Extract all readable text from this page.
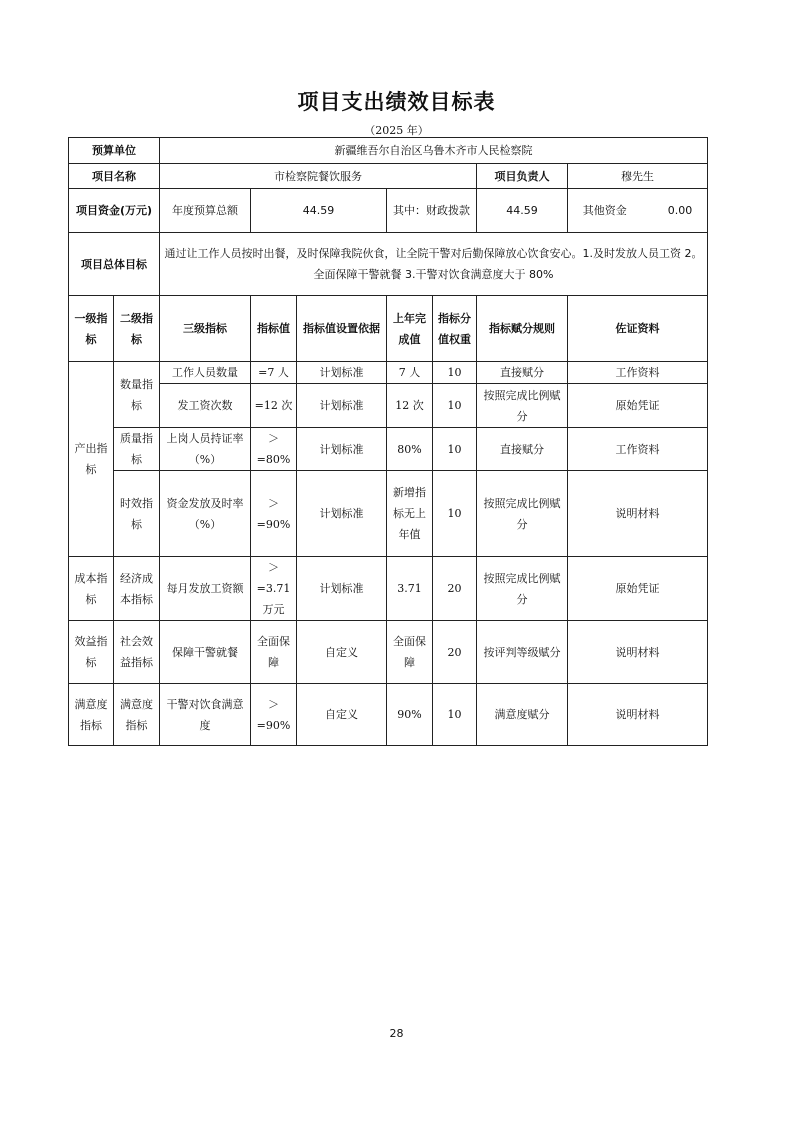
项目支出绩效目标表
（2025 年）
预算单位		新疆维吾尔自治区乌鲁木齐市人民检察院						
项目名称		市检察院餐饮服务					项目负责人	穆先生
项目资金(万元)		年度预算总额	44.59		其中：财政拨款		44.59	其他资金 0.00
项目总体目标		通过让工作人员按时出餐，及时保障我院伙食，让全院干警对后勤保障放心饮食安心。1.及时发放人员工资 2。全面保障干警就餐 3.干警对饮食满意度大于 80%						
一级指标	二级指标	三级指标	指标值	指标值设置依据	上年完成值	指标分值权重	指标赋分规则	佐证资料
产出指标	数量指标	工作人员数量	=7 人	计划标准	7 人	10	直接赋分	工作资料
		发工资次数	=12 次	计划标准	12 次	10	按照完成比例赋分	原始凭证
	质量指标	上岗人员持证率（%）	＞=80%	计划标准	80%	10	直接赋分	工作资料
	时效指标	资金发放及时率（%）	＞=90%	计划标准	新增指标无上年值	10	按照完成比例赋分	说明材料
成本指标	经济成本指标	每月发放工资额	＞=3.71 万元	计划标准	3.71	20	按照完成比例赋分	原始凭证
效益指标	社会效益指标	保障干警就餐	全面保障	自定义	全面保障	20	按评判等级赋分	说明材料
满意度指标	满意度指标	干警对饮食满意度	＞=90%	自定义	90%	10	满意度赋分	说明材料
28
